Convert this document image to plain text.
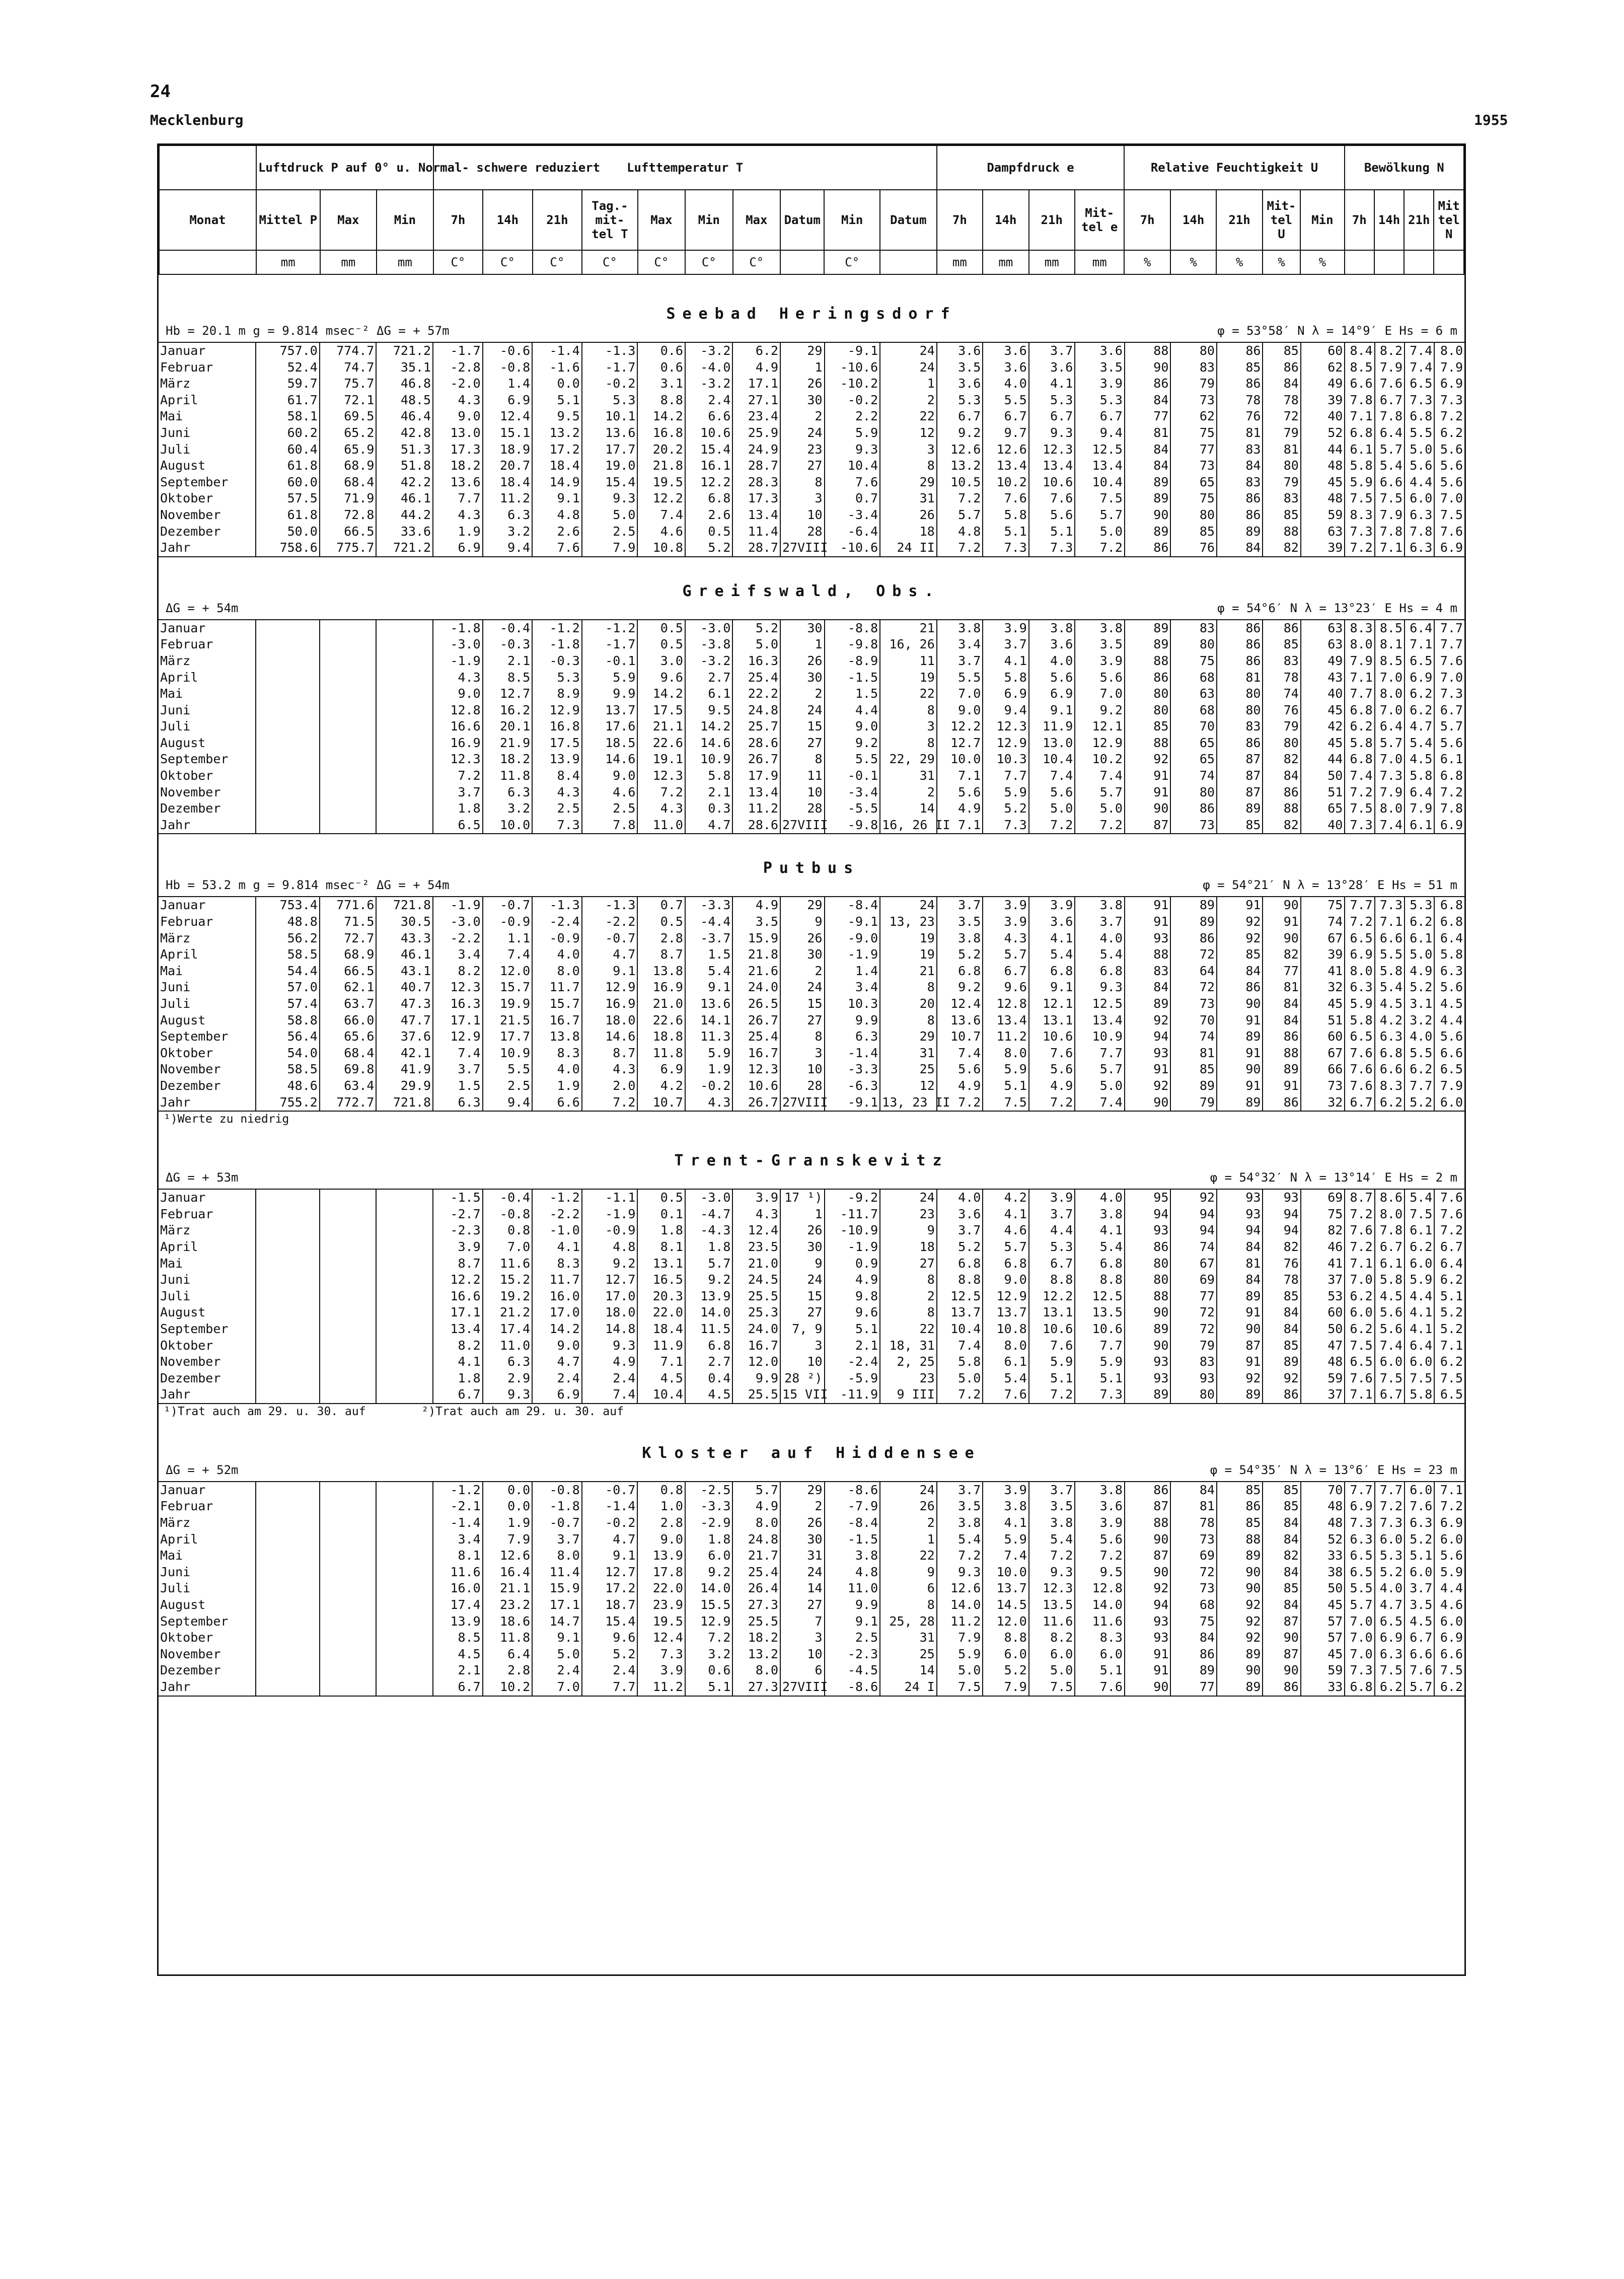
24
Mecklenburg	1955
	Luftdruck P auf 0° u. Normal- schwere reduziert			Lufttemperatur T										Dampfdruck e				Relative Feuchtigkeit U					Bewölkung N			
Monat	Mittel P	Max	Min	7h	14h	21h	Tag.- mit- tel T	Max	Min	Max	Datum	Min	Datum	7h	14h	21h	Mit- tel e	7h	14h	21h	Mit- tel U	Min	7h	14h	21h	Mit tel N
	mm	mm	mm	C°	C°	C°	C°	C°	C°	C°		C°		mm	mm	mm	mm	%	%	%	%	%				
Seebad Heringsdorf
Hb = 20.1 m g = 9.814 msec⁻² ΔG = + 57m	φ = 53°58′ N λ = 14°9′ E Hs = 6 m
Januar	757.0	774.7	721.2	-1.7	-0.6	-1.4	-1.3	0.6	-3.2	6.2	29	-9.1	24	3.6	3.6	3.7	3.6	88	80	86	85	60	8.4	8.2	7.4	8.0
Februar	52.4	74.7	35.1	-2.8	-0.8	-1.6	-1.7	0.6	-4.0	4.9	1	-10.6	24	3.5	3.6	3.6	3.5	90	83	85	86	62	8.5	7.9	7.4	7.9
März	59.7	75.7	46.8	-2.0	1.4	0.0	-0.2	3.1	-3.2	17.1	26	-10.2	1	3.6	4.0	4.1	3.9	86	79	86	84	49	6.6	7.6	6.5	6.9
April	61.7	72.1	48.5	4.3	6.9	5.1	5.3	8.8	2.4	27.1	30	-0.2	2	5.3	5.5	5.3	5.3	84	73	78	78	39	7.8	6.7	7.3	7.3
Mai	58.1	69.5	46.4	9.0	12.4	9.5	10.1	14.2	6.6	23.4	2	2.2	22	6.7	6.7	6.7	6.7	77	62	76	72	40	7.1	7.8	6.8	7.2
Juni	60.2	65.2	42.8	13.0	15.1	13.2	13.6	16.8	10.6	25.9	24	5.9	12	9.2	9.7	9.3	9.4	81	75	81	79	52	6.8	6.4	5.5	6.2
Juli	60.4	65.9	51.3	17.3	18.9	17.2	17.7	20.2	15.4	24.9	23	9.3	3	12.6	12.6	12.3	12.5	84	77	83	81	44	6.1	5.7	5.0	5.6
August	61.8	68.9	51.8	18.2	20.7	18.4	19.0	21.8	16.1	28.7	27	10.4	8	13.2	13.4	13.4	13.4	84	73	84	80	48	5.8	5.4	5.6	5.6
September	60.0	68.4	42.2	13.6	18.4	14.9	15.4	19.5	12.2	28.3	8	7.6	29	10.5	10.2	10.6	10.4	89	65	83	79	45	5.9	6.6	4.4	5.6
Oktober	57.5	71.9	46.1	7.7	11.2	9.1	9.3	12.2	6.8	17.3	3	0.7	31	7.2	7.6	7.6	7.5	89	75	86	83	48	7.5	7.5	6.0	7.0
November	61.8	72.8	44.2	4.3	6.3	4.8	5.0	7.4	2.6	13.4	10	-3.4	26	5.7	5.8	5.6	5.7	90	80	86	85	59	8.3	7.9	6.3	7.5
Dezember	50.0	66.5	33.6	1.9	3.2	2.6	2.5	4.6	0.5	11.4	28	-6.4	18	4.8	5.1	5.1	5.0	89	85	89	88	63	7.3	7.8	7.8	7.6
Jahr	758.6	775.7	721.2	6.9	9.4	7.6	7.9	10.8	5.2	28.7	27VIII	-10.6	24 II	7.2	7.3	7.3	7.2	86	76	84	82	39	7.2	7.1	6.3	6.9
Greifswald, Obs.
ΔG = + 54m	φ = 54°6′ N λ = 13°23′ E Hs = 4 m
Januar				-1.8	-0.4	-1.2	-1.2	0.5	-3.0	5.2	30	-8.8	21	3.8	3.9	3.8	3.8	89	83	86	86	63	8.3	8.5	6.4	7.7
Februar				-3.0	-0.3	-1.8	-1.7	0.5	-3.8	5.0	1	-9.8	16, 26	3.4	3.7	3.6	3.5	89	80	86	85	63	8.0	8.1	7.1	7.7
März				-1.9	2.1	-0.3	-0.1	3.0	-3.2	16.3	26	-8.9	11	3.7	4.1	4.0	3.9	88	75	86	83	49	7.9	8.5	6.5	7.6
April				4.3	8.5	5.3	5.9	9.6	2.7	25.4	30	-1.5	19	5.5	5.8	5.6	5.6	86	68	81	78	43	7.1	7.0	6.9	7.0
Mai				9.0	12.7	8.9	9.9	14.2	6.1	22.2	2	1.5	22	7.0	6.9	6.9	7.0	80	63	80	74	40	7.7	8.0	6.2	7.3
Juni				12.8	16.2	12.9	13.7	17.5	9.5	24.8	24	4.4	8	9.0	9.4	9.1	9.2	80	68	80	76	45	6.8	7.0	6.2	6.7
Juli				16.6	20.1	16.8	17.6	21.1	14.2	25.7	15	9.0	3	12.2	12.3	11.9	12.1	85	70	83	79	42	6.2	6.4	4.7	5.7
August				16.9	21.9	17.5	18.5	22.6	14.6	28.6	27	9.2	8	12.7	12.9	13.0	12.9	88	65	86	80	45	5.8	5.7	5.4	5.6
September				12.3	18.2	13.9	14.6	19.1	10.9	26.7	8	5.5	22, 29	10.0	10.3	10.4	10.2	92	65	87	82	44	6.8	7.0	4.5	6.1
Oktober				7.2	11.8	8.4	9.0	12.3	5.8	17.9	11	-0.1	31	7.1	7.7	7.4	7.4	91	74	87	84	50	7.4	7.3	5.8	6.8
November				3.7	6.3	4.3	4.6	7.2	2.1	13.4	10	-3.4	2	5.6	5.9	5.6	5.7	91	80	87	86	51	7.2	7.9	6.4	7.2
Dezember				1.8	3.2	2.5	2.5	4.3	0.3	11.2	28	-5.5	14	4.9	5.2	5.0	5.0	90	86	89	88	65	7.5	8.0	7.9	7.8
Jahr				6.5	10.0	7.3	7.8	11.0	4.7	28.6	27VIII	-9.8	16, 26 II	7.1	7.3	7.2	7.2	87	73	85	82	40	7.3	7.4	6.1	6.9
Putbus
Hb = 53.2 m g = 9.814 msec⁻² ΔG = + 54m	φ = 54°21′ N λ = 13°28′ E Hs = 51 m
Januar	753.4	771.6	721.8	-1.9	-0.7	-1.3	-1.3	0.7	-3.3	4.9	29	-8.4	24	3.7	3.9	3.9	3.8	91	89	91	90	75	7.7	7.3	5.3	6.8
Februar	48.8	71.5	30.5	-3.0	-0.9	-2.4	-2.2	0.5	-4.4	3.5	9	-9.1	13, 23	3.5	3.9	3.6	3.7	91	89	92	91	74	7.2	7.1	6.2	6.8
März	56.2	72.7	43.3	-2.2	1.1	-0.9	-0.7	2.8	-3.7	15.9	26	-9.0	19	3.8	4.3	4.1	4.0	93	86	92	90	67	6.5	6.6	6.1	6.4
April	58.5	68.9	46.1	3.4	7.4	4.0	4.7	8.7	1.5	21.8	30	-1.9	19	5.2	5.7	5.4	5.4	88	72	85	82	39	6.9	5.5	5.0	5.8
Mai	54.4	66.5	43.1	8.2	12.0	8.0	9.1	13.8	5.4	21.6	2	1.4	21	6.8	6.7	6.8	6.8	83	64	84	77	41	8.0	5.8	4.9	6.3
Juni	57.0	62.1	40.7	12.3	15.7	11.7	12.9	16.9	9.1	24.0	24	3.4	8	9.2	9.6	9.1	9.3	84	72	86	81	32	6.3	5.4	5.2	5.6
Juli	57.4	63.7	47.3	16.3	19.9	15.7	16.9	21.0	13.6	26.5	15	10.3	20	12.4	12.8	12.1	12.5	89	73	90	84	45	5.9	4.5	3.1	4.5
August	58.8	66.0	47.7	17.1	21.5	16.7	18.0	22.6	14.1	26.7	27	9.9	8	13.6	13.4	13.1	13.4	92	70	91	84	51	5.8	4.2	3.2	4.4
September	56.4	65.6	37.6	12.9	17.7	13.8	14.6	18.8	11.3	25.4	8	6.3	29	10.7	11.2	10.6	10.9	94	74	89	86	60	6.5	6.3	4.0	5.6
Oktober	54.0	68.4	42.1	7.4	10.9	8.3	8.7	11.8	5.9	16.7	3	-1.4	31	7.4	8.0	7.6	7.7	93	81	91	88	67	7.6	6.8	5.5	6.6
November	58.5	69.8	41.9	3.7	5.5	4.0	4.3	6.9	1.9	12.3	10	-3.3	25	5.6	5.9	5.6	5.7	91	85	90	89	66	7.6	6.6	6.2	6.5
Dezember	48.6	63.4	29.9	1.5	2.5	1.9	2.0	4.2	-0.2	10.6	28	-6.3	12	4.9	5.1	4.9	5.0	92	89	91	91	73	7.6	8.3	7.7	7.9
Jahr	755.2	772.7	721.8	6.3	9.4	6.6	7.2	10.7	4.3	26.7	27VIII	-9.1	13, 23 II	7.2	7.5	7.2	7.4	90	79	89	86	32	6.7	6.2	5.2	6.0
¹)Werte zu niedrig
Trent-Granskevitz
ΔG = + 53m	φ = 54°32′ N λ = 13°14′ E Hs = 2 m
Januar				-1.5	-0.4	-1.2	-1.1	0.5	-3.0	3.9	17 ¹)	-9.2	24	4.0	4.2	3.9	4.0	95	92	93	93	69	8.7	8.6	5.4	7.6
Februar				-2.7	-0.8	-2.2	-1.9	0.1	-4.7	4.3	1	-11.7	23	3.6	4.1	3.7	3.8	94	94	93	94	75	7.2	8.0	7.5	7.6
März				-2.3	0.8	-1.0	-0.9	1.8	-4.3	12.4	26	-10.9	9	3.7	4.6	4.4	4.1	93	94	94	94	82	7.6	7.8	6.1	7.2
April				3.9	7.0	4.1	4.8	8.1	1.8	23.5	30	-1.9	18	5.2	5.7	5.3	5.4	86	74	84	82	46	7.2	6.7	6.2	6.7
Mai				8.7	11.6	8.3	9.2	13.1	5.7	21.0	9	0.9	27	6.8	6.8	6.7	6.8	80	67	81	76	41	7.1	6.1	6.0	6.4
Juni				12.2	15.2	11.7	12.7	16.5	9.2	24.5	24	4.9	8	8.8	9.0	8.8	8.8	80	69	84	78	37	7.0	5.8	5.9	6.2
Juli				16.6	19.2	16.0	17.0	20.3	13.9	25.5	15	9.8	2	12.5	12.9	12.2	12.5	88	77	89	85	53	6.2	4.5	4.4	5.1
August				17.1	21.2	17.0	18.0	22.0	14.0	25.3	27	9.6	8	13.7	13.7	13.1	13.5	90	72	91	84	60	6.0	5.6	4.1	5.2
September				13.4	17.4	14.2	14.8	18.4	11.5	24.0	7, 9	5.1	22	10.4	10.8	10.6	10.6	89	72	90	84	50	6.2	5.6	4.1	5.2
Oktober				8.2	11.0	9.0	9.3	11.9	6.8	16.7	3	2.1	18, 31	7.4	8.0	7.6	7.7	90	79	87	85	47	7.5	7.4	6.4	7.1
November				4.1	6.3	4.7	4.9	7.1	2.7	12.0	10	-2.4	2, 25	5.8	6.1	5.9	5.9	93	83	91	89	48	6.5	6.0	6.0	6.2
Dezember				1.8	2.9	2.4	2.4	4.5	0.4	9.9	28 ²)	-5.9	23	5.0	5.4	5.1	5.1	93	93	92	92	59	7.6	7.5	7.5	7.5
Jahr				6.7	9.3	6.9	7.4	10.4	4.5	25.5	15 VII	-11.9	9 III	7.2	7.6	7.2	7.3	89	80	89	86	37	7.1	6.7	5.8	6.5
¹)Trat auch am 29. u. 30. auf        ²)Trat auch am 29. u. 30. auf
Kloster auf Hiddensee
ΔG = + 52m	φ = 54°35′ N λ = 13°6′ E Hs = 23 m
Januar				-1.2	0.0	-0.8	-0.7	0.8	-2.5	5.7	29	-8.6	24	3.7	3.9	3.7	3.8	86	84	85	85	70	7.7	7.7	6.0	7.1
Februar				-2.1	0.0	-1.8	-1.4	1.0	-3.3	4.9	2	-7.9	26	3.5	3.8	3.5	3.6	87	81	86	85	48	6.9	7.2	7.6	7.2
März				-1.4	1.9	-0.7	-0.2	2.8	-2.9	8.0	26	-8.4	2	3.8	4.1	3.8	3.9	88	78	85	84	48	7.3	7.3	6.3	6.9
April				3.4	7.9	3.7	4.7	9.0	1.8	24.8	30	-1.5	1	5.4	5.9	5.4	5.6	90	73	88	84	52	6.3	6.0	5.2	6.0
Mai				8.1	12.6	8.0	9.1	13.9	6.0	21.7	31	3.8	22	7.2	7.4	7.2	7.2	87	69	89	82	33	6.5	5.3	5.1	5.6
Juni				11.6	16.4	11.4	12.7	17.8	9.2	25.4	24	4.8	9	9.3	10.0	9.3	9.5	90	72	90	84	38	6.5	5.2	6.0	5.9
Juli				16.0	21.1	15.9	17.2	22.0	14.0	26.4	14	11.0	6	12.6	13.7	12.3	12.8	92	73	90	85	50	5.5	4.0	3.7	4.4
August				17.4	23.2	17.1	18.7	23.9	15.5	27.3	27	9.9	8	14.0	14.5	13.5	14.0	94	68	92	84	45	5.7	4.7	3.5	4.6
September				13.9	18.6	14.7	15.4	19.5	12.9	25.5	7	9.1	25, 28	11.2	12.0	11.6	11.6	93	75	92	87	57	7.0	6.5	4.5	6.0
Oktober				8.5	11.8	9.1	9.6	12.4	7.2	18.2	3	2.5	31	7.9	8.8	8.2	8.3	93	84	92	90	57	7.0	6.9	6.7	6.9
November				4.5	6.4	5.0	5.2	7.3	3.2	13.2	10	-2.3	25	5.9	6.0	6.0	6.0	91	86	89	87	45	7.0	6.3	6.6	6.6
Dezember				2.1	2.8	2.4	2.4	3.9	0.6	8.0	6	-4.5	14	5.0	5.2	5.0	5.1	91	89	90	90	59	7.3	7.5	7.6	7.5
Jahr				6.7	10.2	7.0	7.7	11.2	5.1	27.3	27VIII	-8.6	24 I	7.5	7.9	7.5	7.6	90	77	89	86	33	6.8	6.2	5.7	6.2
